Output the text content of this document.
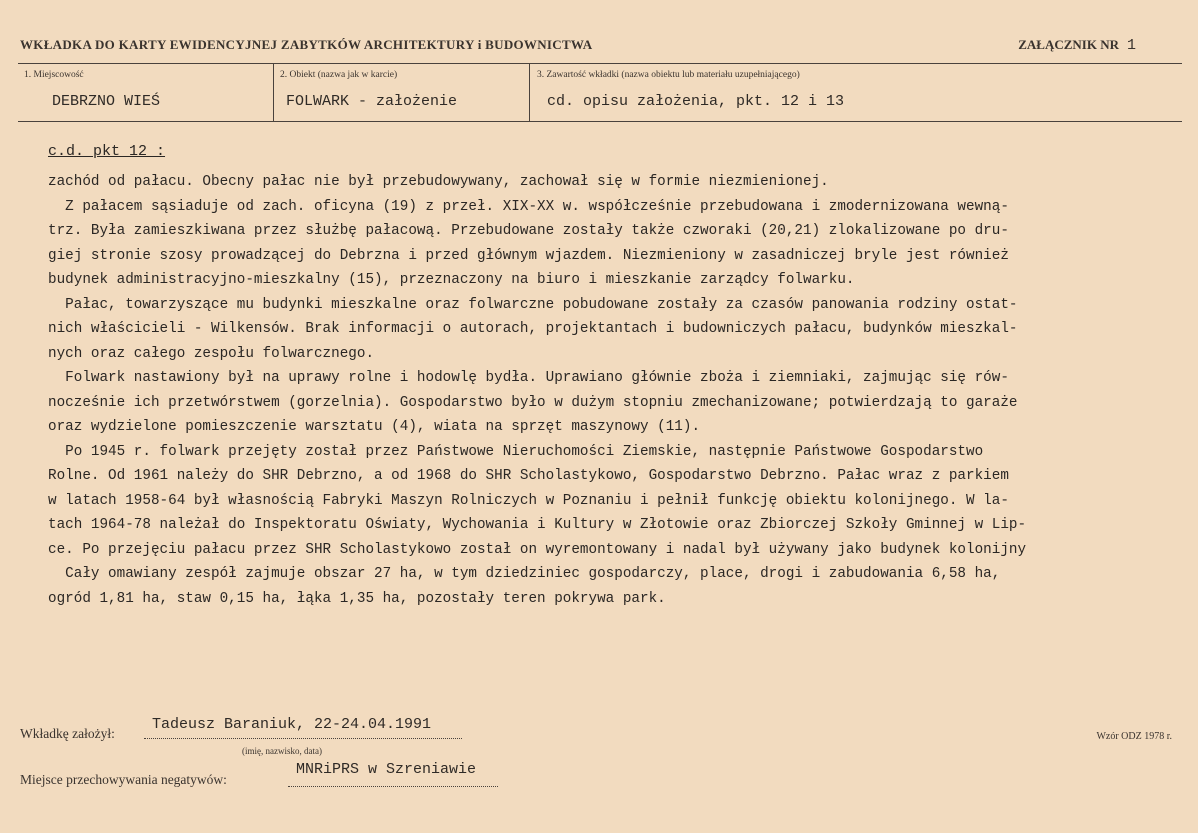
WKŁADKA DO KARTY EWIDENCYJNEJ ZABYTKÓW ARCHITEKTURY i BUDOWNICTWA	ZAŁĄCZNIK NR 1
1. Miejscowość
DEBRZNO WIEŚ
2. Obiekt (nazwa jak w karcie)
FOLWARK - założenie
3. Zawartość wkładki (nazwa obiektu lub materiału uzupełniającego)
cd. opisu założenia, pkt. 12 i 13
c.d. pkt 12 :
zachód od pałacu. Obecny pałac nie był przebudowywany, zachował się w formie niezmienionej.
Z pałacem sąsiaduje od zach. oficyna (19) z przeł. XIX-XX w. współcześnie przebudowana i zmodernizowana wewną-
trz. Była zamieszkiwana przez służbę pałacową. Przebudowane zostały także czworaki (20,21) zlokalizowane po dru-
giej stronie szosy prowadzącej do Debrzna i przed głównym wjazdem. Niezmieniony w zasadniczej bryle jest również
budynek administracyjno-mieszkalny (15), przeznaczony na biuro i mieszkanie zarządcy folwarku.
Pałac, towarzyszące mu budynki mieszkalne oraz folwarczne pobudowane zostały za czasów panowania rodziny ostat-
nich właścicieli - Wilkensów. Brak informacji o autorach, projektantach i budowniczych pałacu, budynków mieszkal-
nych oraz całego zespołu folwarcznego.
Folwark nastawiony był na uprawy rolne i hodowlę bydła. Uprawiano głównie zboża i ziemniaki, zajmując się rów-
nocześnie ich przetwórstwem (gorzelnia). Gospodarstwo było w dużym stopniu zmechanizowane; potwierdzają to garaże
oraz wydzielone pomieszczenie warsztatu (4), wiata na sprzęt maszynowy (11).
Po 1945 r. folwark przejęty został przez Państwowe Nieruchomości Ziemskie, następnie Państwowe Gospodarstwo
Rolne. Od 1961 należy do SHR Debrzno, a od 1968 do SHR Scholastykowo, Gospodarstwo Debrzno. Pałac wraz z parkiem
w latach 1958-64 był własnością Fabryki Maszyn Rolniczych w Poznaniu i pełnił funkcję obiektu kolonijnego. W la-
tach 1964-78 należał do Inspektoratu Oświaty, Wychowania i Kultury w Złotowie oraz Zbiorczej Szkoły Gminnej w Lip-
ce. Po przejęciu pałacu przez SHR Scholastykowo został on wyremontowany i nadal był używany jako budynek kolonijny
Cały omawiany zespół zajmuje obszar 27 ha, w tym dziedziniec gospodarczy, place, drogi i zabudowania 6,58 ha,
ogród 1,81 ha, staw 0,15 ha, łąka 1,35 ha, pozostały teren pokrywa park.
Wkładkę założył:
Tadeusz Baraniuk, 22-24.04.1991
(imię, nazwisko, data)
Miejsce przechowywania negatywów:
MNRiPRS w Szreniawie
Wzór ODZ 1978 r.
